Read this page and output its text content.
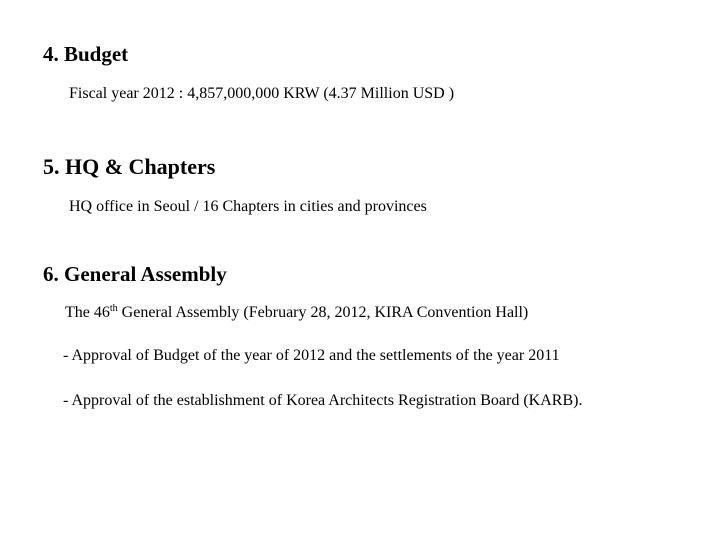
4. Budget

Fiscal year 2012 : 4,857,000,000 KRW (4.37 Million USD )

5. HQ & Chapters

HQ office in Seoul / 16 Chapters in cities and provinces

6. General Assembly

The 46th General Assembly (February 28, 2012, KIRA Convention Hall)

- Approval of Budget of the year of 2012 and the settlements of the year 2011

- Approval of the establishment of Korea Architects Registration Board (KARB).
